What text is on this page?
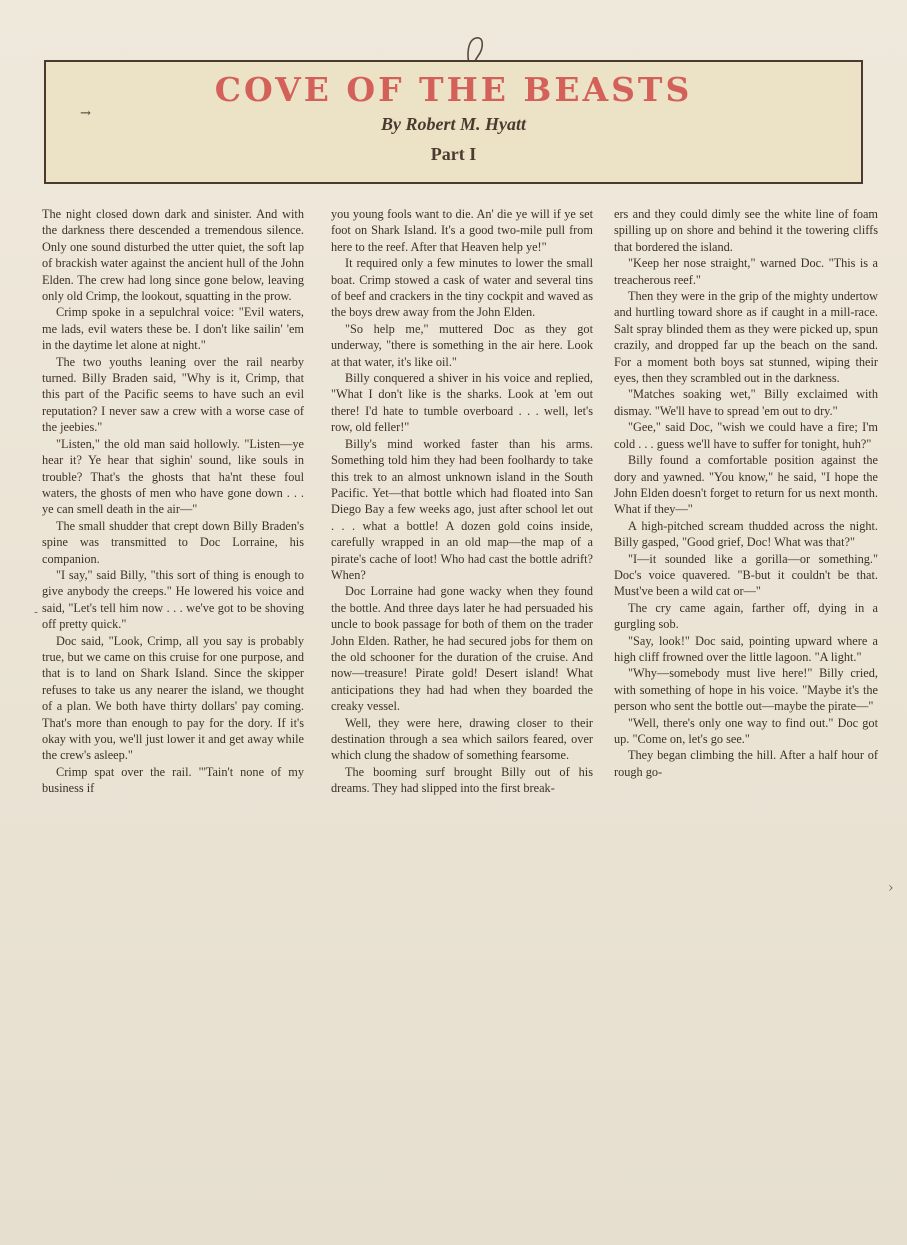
→
COVE OF THE BEASTS
By Robert M. Hyatt
Part I

The night closed down dark and sinister. And with the darkness there descended a tremendous silence. Only one sound disturbed the utter quiet, the soft lap of brackish water against the ancient hull of the John Elden. The crew had long since gone below, leaving only old Crimp, the lookout, squatting in the prow.

Crimp spoke in a sepulchral voice: "Evil waters, me lads, evil waters these be. I don't like sailin' 'em in the daytime let alone at night."

The two youths leaning over the rail nearby turned. Billy Braden said, "Why is it, Crimp, that this part of the Pacific seems to have such an evil reputation? I never saw a crew with a worse case of the jeebies."

"Listen," the old man said hollowly. "Listen—ye hear it? Ye hear that sighin' sound, like souls in trouble? That's the ghosts that ha'nt these foul waters, the ghosts of men who have gone down . . . ye can smell death in the air—"

The small shudder that crept down Billy Braden's spine was transmitted to Doc Lorraine, his companion.

"I say," said Billy, "this sort of thing is enough to give anybody the creeps." He lowered his voice and said, "Let's tell him now . . . we've got to be shoving off pretty quick."

Doc said, "Look, Crimp, all you say is probably true, but we came on this cruise for one purpose, and that is to land on Shark Island. Since the skipper refuses to take us any nearer the island, we thought of a plan. We both have thirty dollars' pay coming. That's more than enough to pay for the dory. If it's okay with you, we'll just lower it and get away while the crew's asleep."

Crimp spat over the rail. "'Tain't none of my business if

you young fools want to die. An' die ye will if ye set foot on Shark Island. It's a good two-mile pull from here to the reef. After that Heaven help ye!"

It required only a few minutes to lower the small boat. Crimp stowed a cask of water and several tins of beef and crackers in the tiny cockpit and waved as the boys drew away from the John Elden.

"So help me," muttered Doc as they got underway, "there is something in the air here. Look at that water, it's like oil."

Billy conquered a shiver in his voice and replied, "What I don't like is the sharks. Look at 'em out there! I'd hate to tumble overboard . . . well, let's row, old feller!"

Billy's mind worked faster than his arms. Something told him they had been foolhardy to take this trek to an almost unknown island in the South Pacific. Yet—that bottle which had floated into San Diego Bay a few weeks ago, just after school let out . . . what a bottle! A dozen gold coins inside, carefully wrapped in an old map—the map of a pirate's cache of loot! Who had cast the bottle adrift? When?

Doc Lorraine had gone wacky when they found the bottle. And three days later he had persuaded his uncle to book passage for both of them on the trader John Elden. Rather, he had secured jobs for them on the old schooner for the duration of the cruise. And now—treasure! Pirate gold! Desert island! What anticipations they had had when they boarded the creaky vessel.

Well, they were here, drawing closer to their destination through a sea which sailors feared, over which clung the shadow of something fearsome.

The booming surf brought Billy out of his dreams. They had slipped into the first break-

ers and they could dimly see the white line of foam spilling up on shore and behind it the towering cliffs that bordered the island.

"Keep her nose straight," warned Doc. "This is a treacherous reef."

Then they were in the grip of the mighty undertow and hurtling toward shore as if caught in a mill-race. Salt spray blinded them as they were picked up, spun crazily, and dropped far up the beach on the sand. For a moment both boys sat stunned, wiping their eyes, then they scrambled out in the darkness.

"Matches soaking wet," Billy exclaimed with dismay. "We'll have to spread 'em out to dry."

"Gee," said Doc, "wish we could have a fire; I'm cold . . . guess we'll have to suffer for tonight, huh?"

Billy found a comfortable position against the dory and yawned. "You know," he said, "I hope the John Elden doesn't forget to return for us next month. What if they—"

A high-pitched scream thudded across the night. Billy gasped, "Good grief, Doc! What was that?"

"I—it sounded like a gorilla—or something." Doc's voice quavered. "B-but it couldn't be that. Must've been a wild cat or—"

The cry came again, farther off, dying in a gurgling sob.

"Say, look!" Doc said, pointing upward where a high cliff frowned over the little lagoon. "A light."

"Why—somebody must live here!" Billy cried, with something of hope in his voice. "Maybe it's the person who sent the bottle out—maybe the pirate—"

"Well, there's only one way to find out." Doc got up. "Come on, let's go see."

They began climbing the hill. After a half hour of rough go-

-
›
